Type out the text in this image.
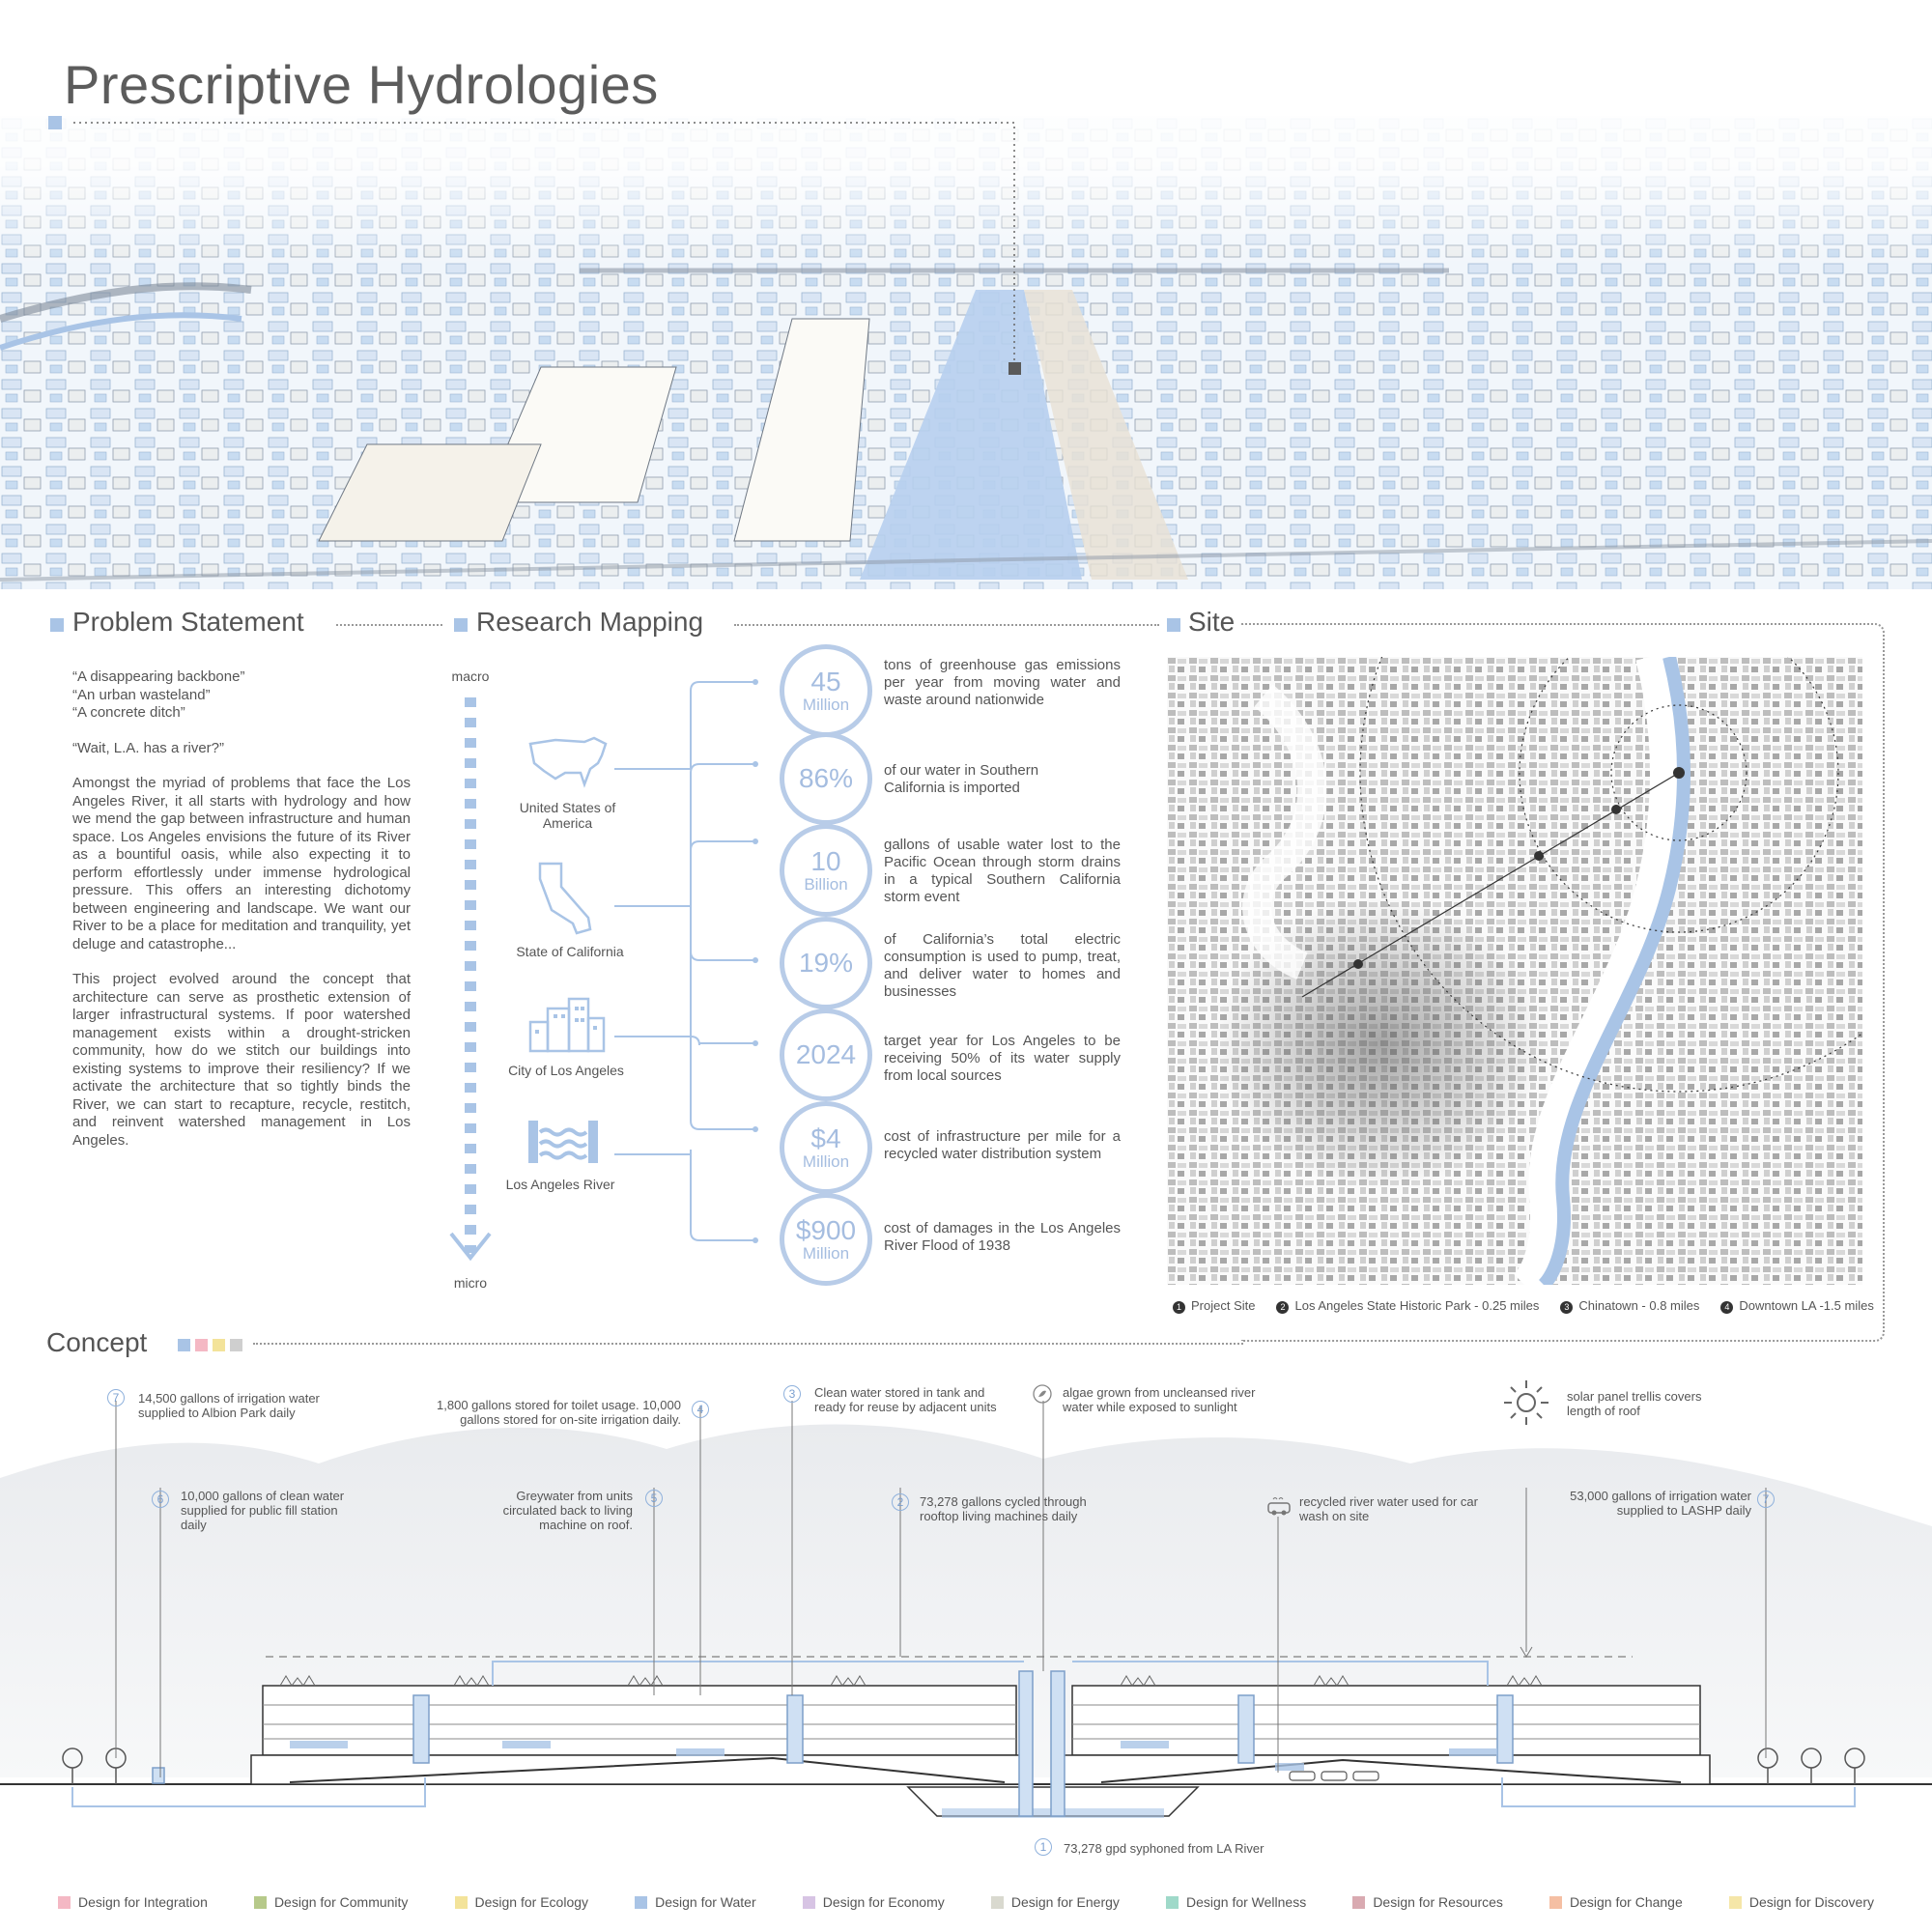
Prescriptive Hydrologies
Problem Statement
“A disappearing backbone”
“An urban wasteland”
“A concrete ditch”
“Wait, L.A. has a river?”
Amongst the myriad of problems that face the Los Angeles River, it all starts with hydrology and how we mend the gap between infrastructure and human space. Los Angeles envisions the future of its River as a bountiful oasis, while also expecting it to perform effortlessly under immense hydrological pressure. This offers an interesting dichotomy between engineering and landscape. We want our River to be a place for meditation and tranquility, yet deluge and catastrophe...
This project evolved around the concept that architecture can serve as prosthetic extension of larger infrastructural systems. If poor watershed management exists within a drought-stricken community, how do we stitch our buildings into existing systems to improve their resiliency? If we activate the architecture that so tightly binds the River, we can start to recapture, recycle, restitch, and reinvent watershed management in Los Angeles.
Research Mapping
macro
micro
United States of America
State of California
City of Los Angeles
Los Angeles River
45
Million
tons of greenhouse gas emissions per year from moving water and waste around nationwide
86% of our water in Southern California is imported
10
Billion
gallons of usable water lost to the Pacific Ocean through storm drains in a typical Southern California storm event
19%
of California’s total electric consumption is used to pump, treat, and deliver water to homes and businesses
2024 target year for Los Angeles to be receiving 50% of its water supply from local sources
$4
Million
cost of infrastructure per mile for a recycled water distribution system
$900
Million
cost of damages in the Los Angeles River Flood of 1938
Site
1 Project Site	2 Los Angeles State Historic Park - 0.25 miles	3 Chinatown - 0.8 miles	4 Downtown LA -1.5 miles
Concept
7	14,500 gallons of irrigation water supplied to Albion Park daily
6	10,000 gallons of clean water supplied for public fill station daily
1,800 gallons stored for toilet usage. 10,000 gallons stored for on-site irrigation daily.
4
Greywater from units circulated back to living machine on roof.
5
3	Clean water stored in tank and ready for reuse by adjacent units
2	73,278 gallons cycled through rooftop living machines daily
algae grown from uncleansed river water while exposed to sunlight
recycled river water used for car wash on site
solar panel trellis covers length of roof
53,000 gallons of irrigation water supplied to LASHP daily
7
1	73,278 gpd syphoned from LA River
Design for Integration	Design for Community	Design for Ecology	Design for Water	Design for Economy	Design for Energy	Design for Wellness	Design for Resources	Design for Change	Design for Discovery
